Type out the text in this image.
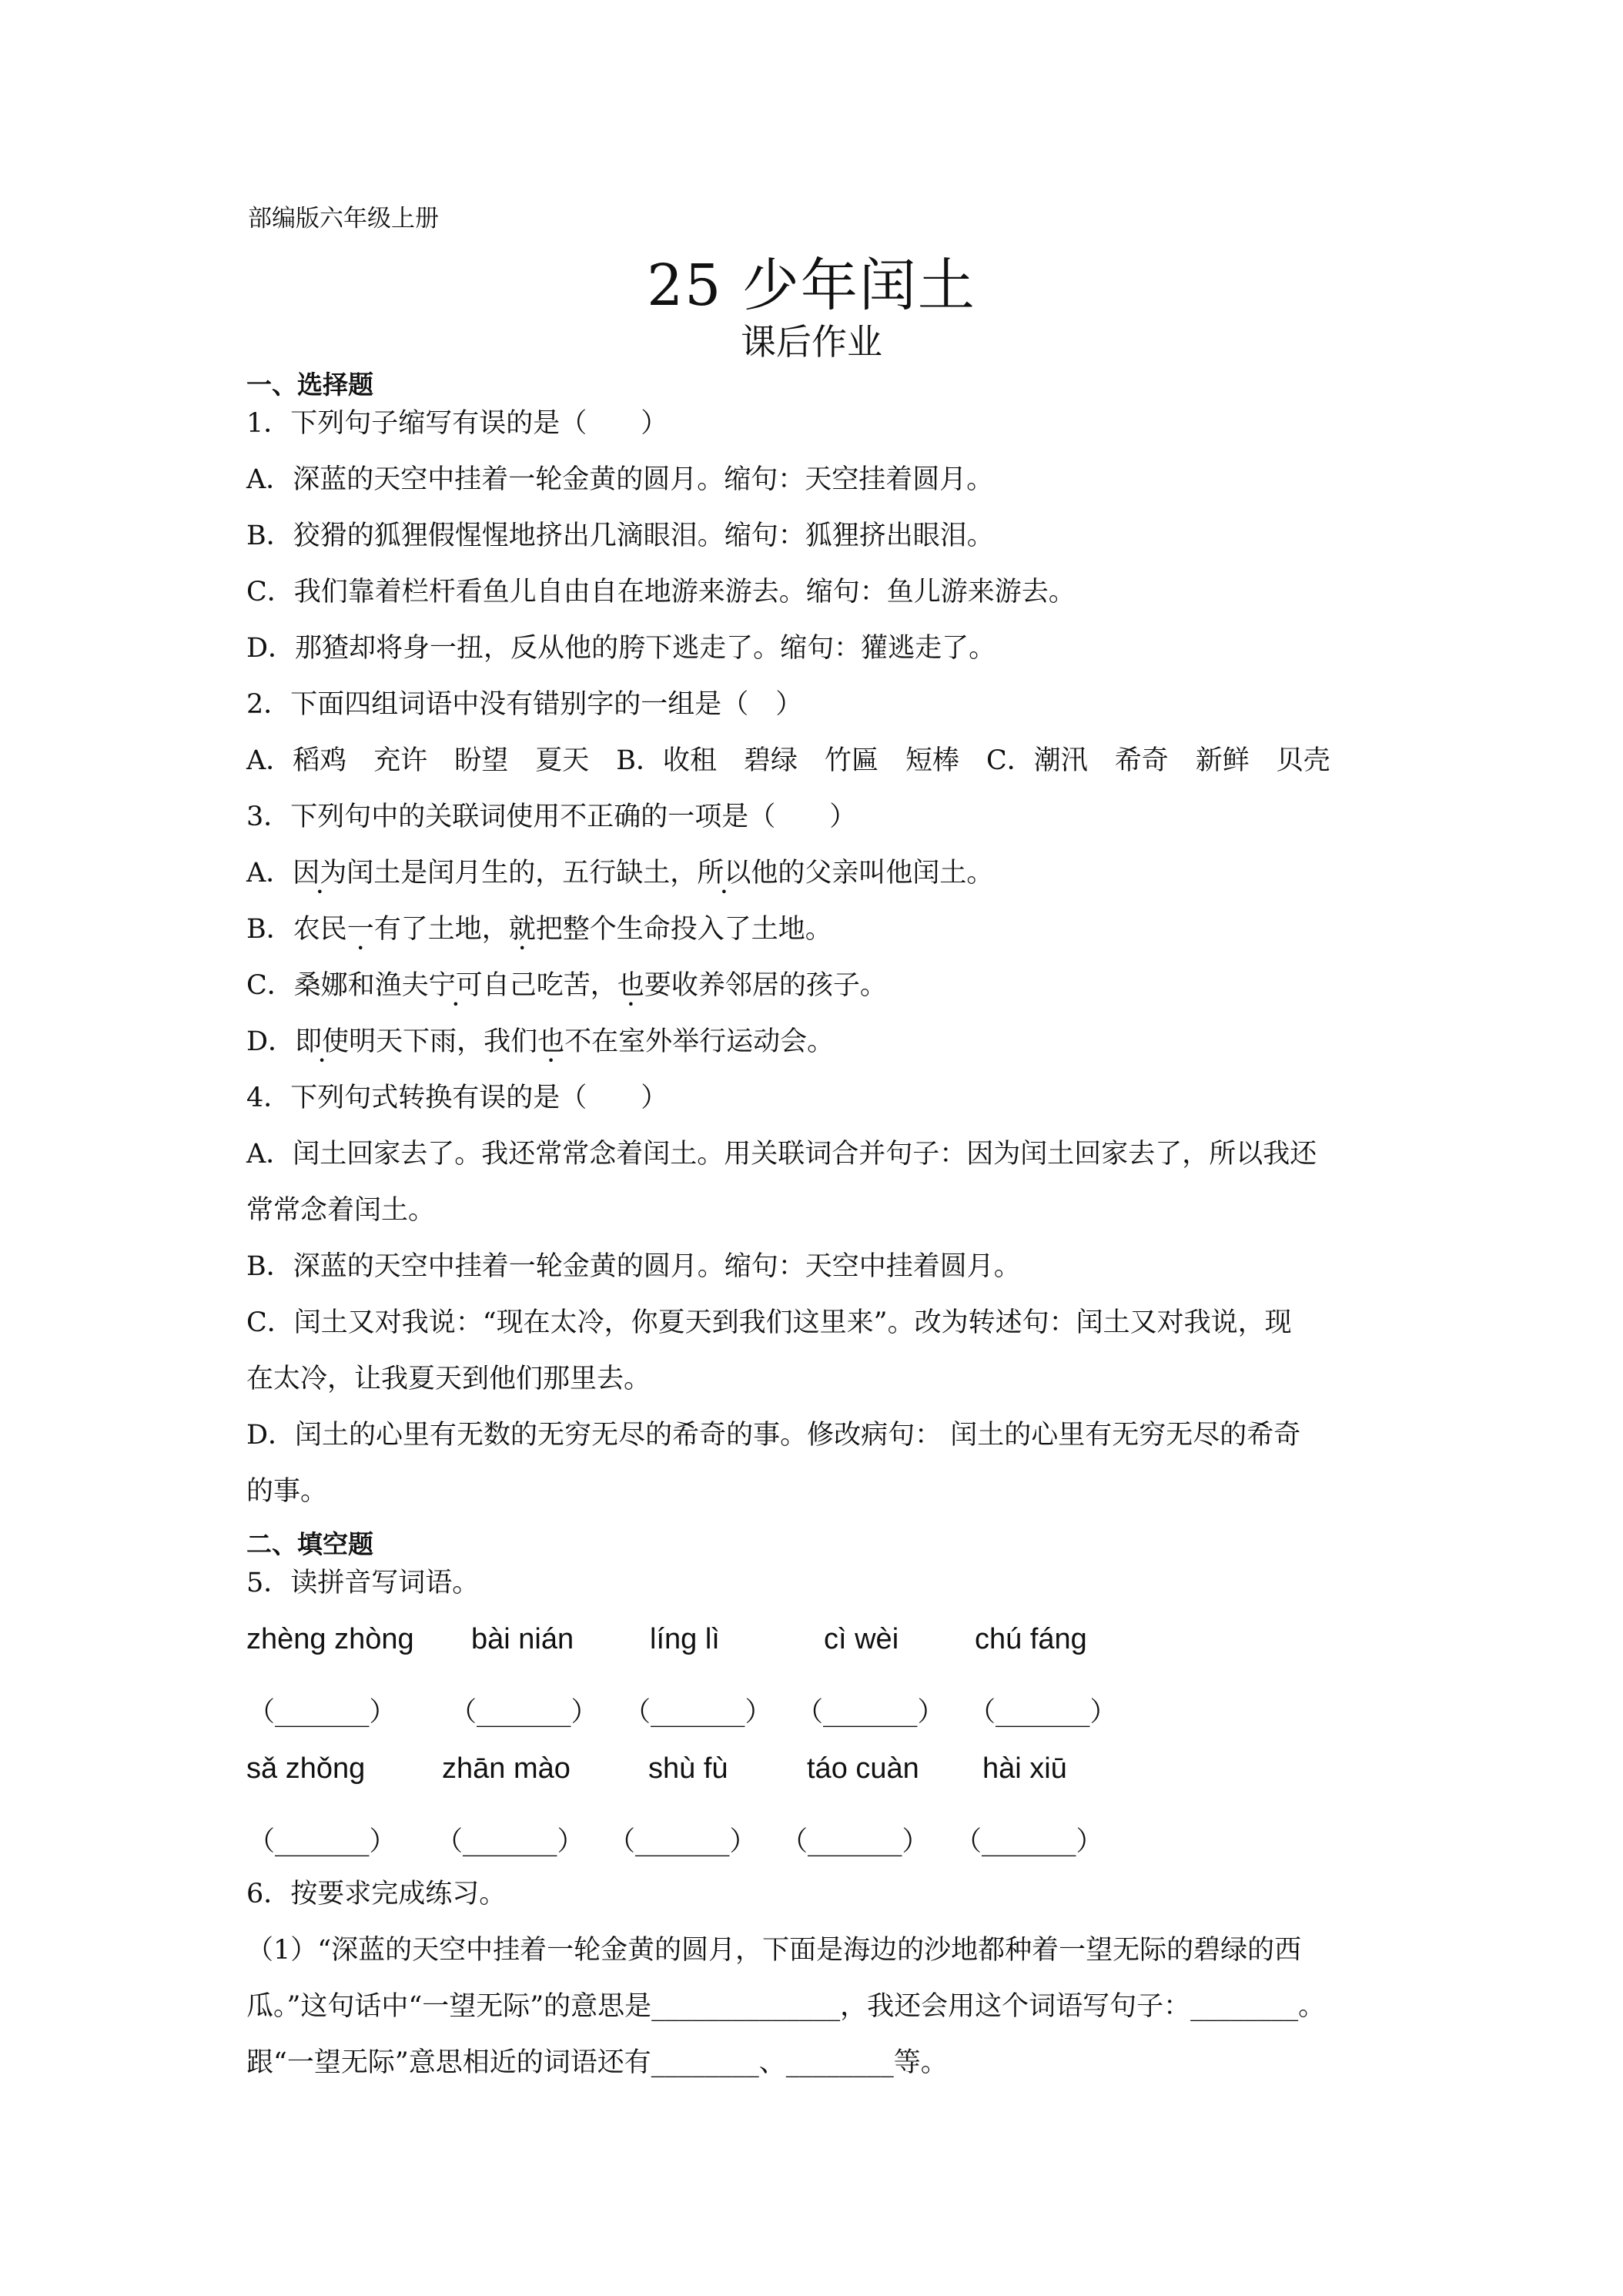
部编版六年级上册
25 少年闰土
课后作业
一、选择题
1．下列句子缩写有误的是（　　）
A．深蓝的天空中挂着一轮金黄的圆月。缩句：天空挂着圆月。
B．狡猾的狐狸假惺惺地挤出几滴眼泪。缩句：狐狸挤出眼泪。
C．我们靠着栏杆看鱼儿自由自在地游来游去。缩句：鱼儿游来游去。
D．那猹却将身一扭，反从他的胯下逃走了。缩句：獾逃走了。
2．下面四组词语中没有错别字的一组是（　）
A．稻鸡　充许　盼望　夏天　B．收租　碧绿　竹匾　短棒　C．潮汛　希奇　新鲜　贝壳
3．下列句中的关联词使用不正确的一项是（　　）
A．因为闰土是闰月生的，五行缺土，所以他的父亲叫他闰土。
B．农民一有了土地，就把整个生命投入了土地。
C．桑娜和渔夫宁可自己吃苦，也要收养邻居的孩子。
D．即使明天下雨，我们也不在室外举行运动会。
4．下列句式转换有误的是（　　）
A．闰土回家去了。我还常常念着闰土。用关联词合并句子：因为闰土回家去了，所以我还
常常念着闰土。
B．深蓝的天空中挂着一轮金黄的圆月。缩句：天空中挂着圆月。
C．闰土又对我说：“现在太冷，你夏天到我们这里来”。改为转述句：闰土又对我说，现
在太冷，让我夏天到他们那里去。
D．闰土的心里有无数的无穷无尽的希奇的事。修改病句： 闰土的心里有无穷无尽的希奇
的事。
二、填空题
5．读拼音写词语。
zhèng zhòng bài nián	líng lì	cì wèi	chú fáng
（_______） （_______） （_______） （_______） （_______）
sǎ zhǒng	zhān mào	shù fù	táo cuàn hài xiū
（_______） （_______） （_______） （_______） （_______）
6．按要求完成练习。
（1）“深蓝的天空中挂着一轮金黄的圆月，下面是海边的沙地都种着一望无际的碧绿的西
瓜。”这句话中“一望无际”的意思是______________，我还会用这个词语写句子：________。
跟“一望无际”意思相近的词语还有________、________等。
